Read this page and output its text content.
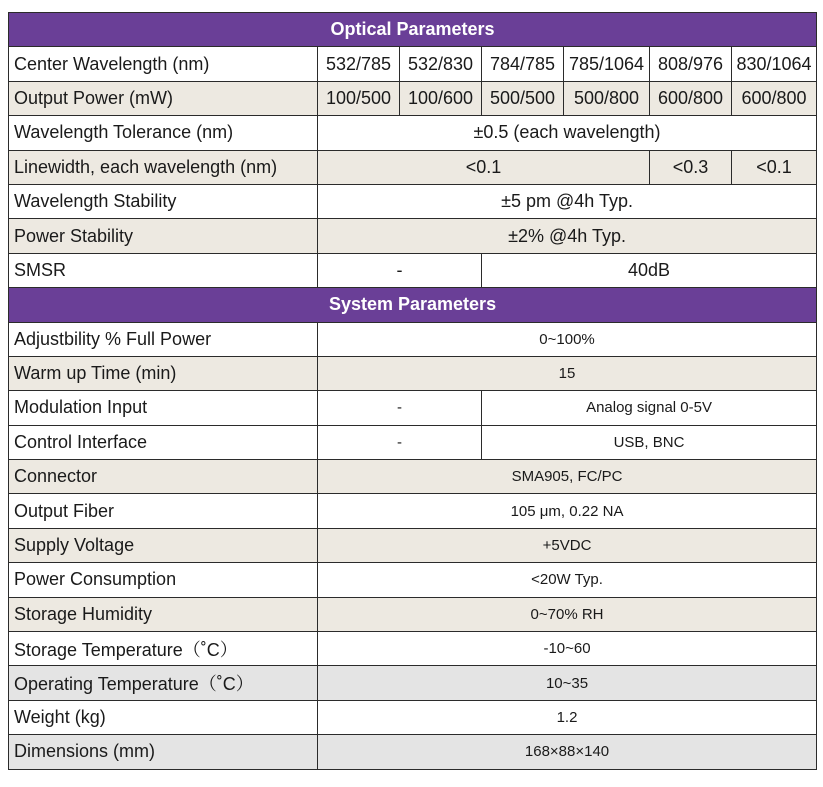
Optical Parameters						
Center Wavelength (nm)	532/785	532/830	784/785	785/1064	808/976	830/1064
Output Power (mW)	100/500	100/600	500/500	500/800	600/800	600/800
Wavelength Tolerance (nm)	±0.5 (each wavelength)					
Linewidth, each wavelength (nm)	<0.1				<0.3	<0.1
Wavelength Stability	±5 pm @4h Typ.					
Power Stability	±2% @4h Typ.					
SMSR	-		40dB			
System Parameters						
Adjustbility % Full Power	0~100%					
Warm up Time (min)	15					
Modulation Input	-		Analog signal 0-5V			
Control Interface	-		USB, BNC			
Connector	SMA905, FC/PC					
Output Fiber	105 μm, 0.22 NA					
Supply Voltage	+5VDC					
Power Consumption	<20W Typ.					
Storage Humidity	0~70% RH					
Storage Temperature（˚C）	-10~60					
Operating Temperature（˚C）	10~35					
Weight (kg)	1.2					
Dimensions (mm)	168×88×140					
